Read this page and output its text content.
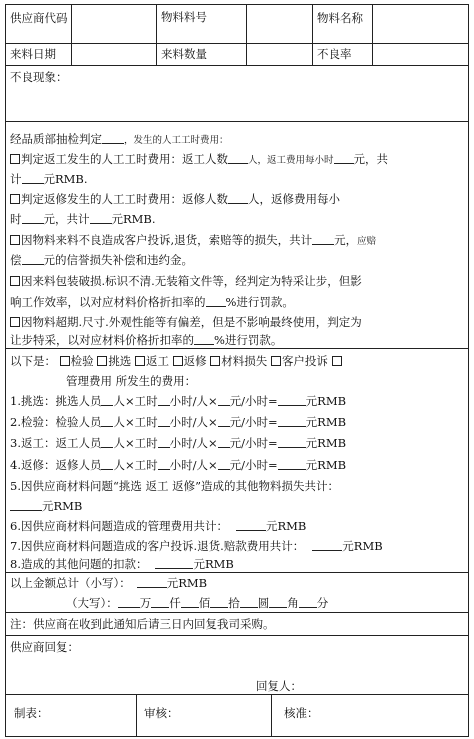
供应商代码	物料料号	物料名称
来料日期	来料数量	不良率
不良现象：
经品质部抽检判定 ，发生的人工工时费用：
判定返工发生的人工工时费用：返工人数 人，返工费用每小时 元，共
计 元RMB.
判定返修发生的人工工时费用：返修人数 人，返修费用每小
时 元，共计 元RMB.
因物料来料不良造成客户投诉,退货，索赔等的损失，共计 元，应赔
偿 元的信誉损失补偿和违约金。
因来料包装破损.标识不清.无装箱文件等，经判定为特采让步，但影
响工作效率，以对应材料价格折扣率的 %进行罚款。
因物料超期.尺寸.外观性能等有偏差，但是不影响最终使用，判定为
让步特采，以对应材料价格折扣率的 %进行罚款。
以下是： 检验 挑选 返工 返修 材料损失 客户投诉
管理费用 所发生的费用：
1.挑选：挑选人员 人×工时 小时/人× 元/小时= 元RMB
2.检验：检验人员 人×工时 小时/人× 元/小时= 元RMB
3.返工：返工人员 人×工时 小时/人× 元/小时= 元RMB
4.返修：返修人员 人×工时 小时/人× 元/小时= 元RMB
5.因供应商材料问题“挑选 返工 返修”造成的其他物料损失共计：
元RMB
6.因供应商材料问题造成的管理费用共计：	元RMB
7.因供应商材料问题造成的客户投诉.退货.赔款费用共计：	元RMB
8.造成的其他问题的扣款：	元RMB
以上金额总计（小写）：	元RMB
（大写）： 万 仟 佰 拾 圆 角 分
注：供应商在收到此通知后请三日内回复我司采购。
供应商回复：
回复人：
制表：	审核：	核准：
